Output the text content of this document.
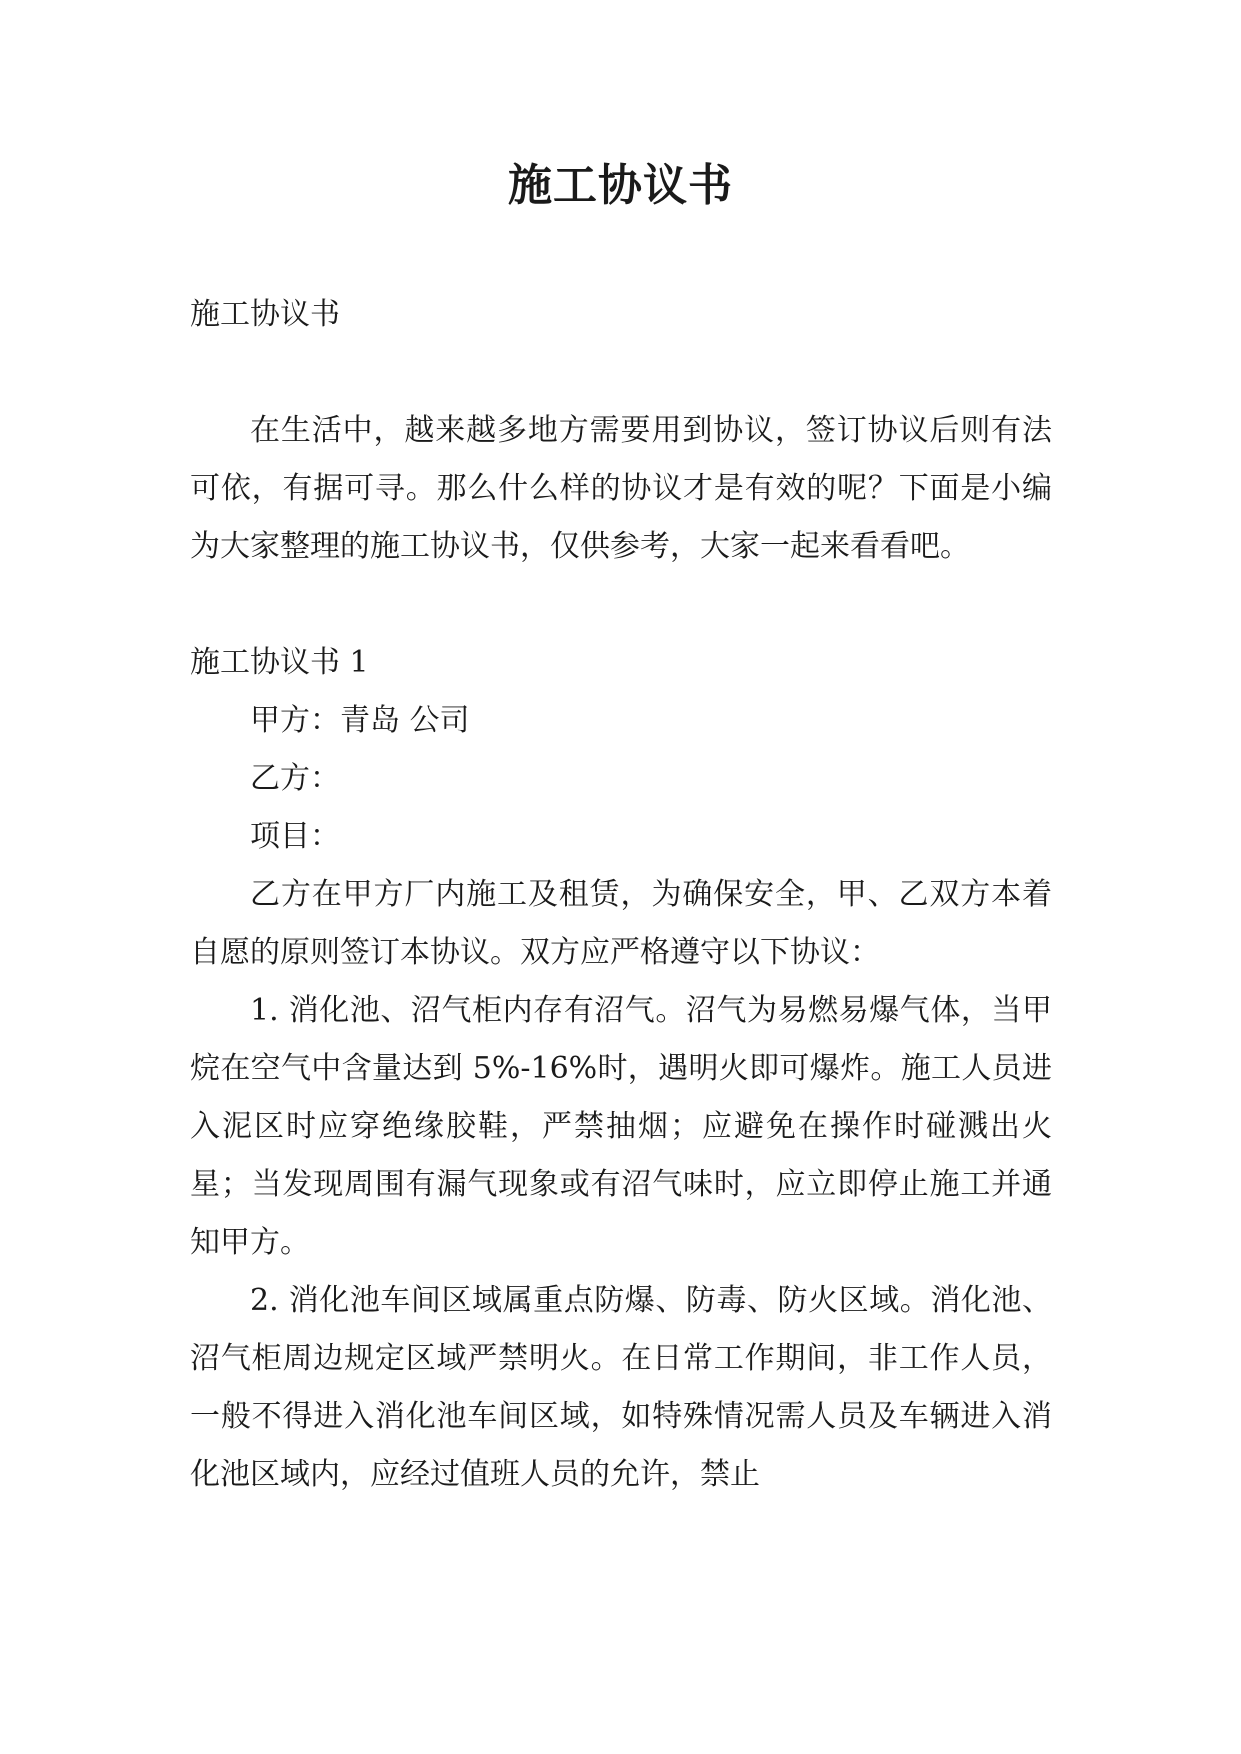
施工协议书

施工协议书

在生活中，越来越多地方需要用到协议，签订协议后则有法可依，有据可寻。那么什么样的协议才是有效的呢？下面是小编为大家整理的施工协议书，仅供参考，大家一起来看看吧。

施工协议书 1

甲方：青岛 公司

乙方：

项目：

乙方在甲方厂内施工及租赁，为确保安全，甲、乙双方本着自愿的原则签订本协议。双方应严格遵守以下协议：

1. 消化池、沼气柜内存有沼气。沼气为易燃易爆气体，当甲烷在空气中含量达到 5%-16%时，遇明火即可爆炸。施工人员进入泥区时应穿绝缘胶鞋，严禁抽烟；应避免在操作时碰溅出火星；当发现周围有漏气现象或有沼气味时，应立即停止施工并通知甲方。

2. 消化池车间区域属重点防爆、防毒、防火区域。消化池、沼气柜周边规定区域严禁明火。在日常工作期间，非工作人员，一般不得进入消化池车间区域，如特殊情况需人员及车辆进入消化池区域内，应经过值班人员的允许，禁止
